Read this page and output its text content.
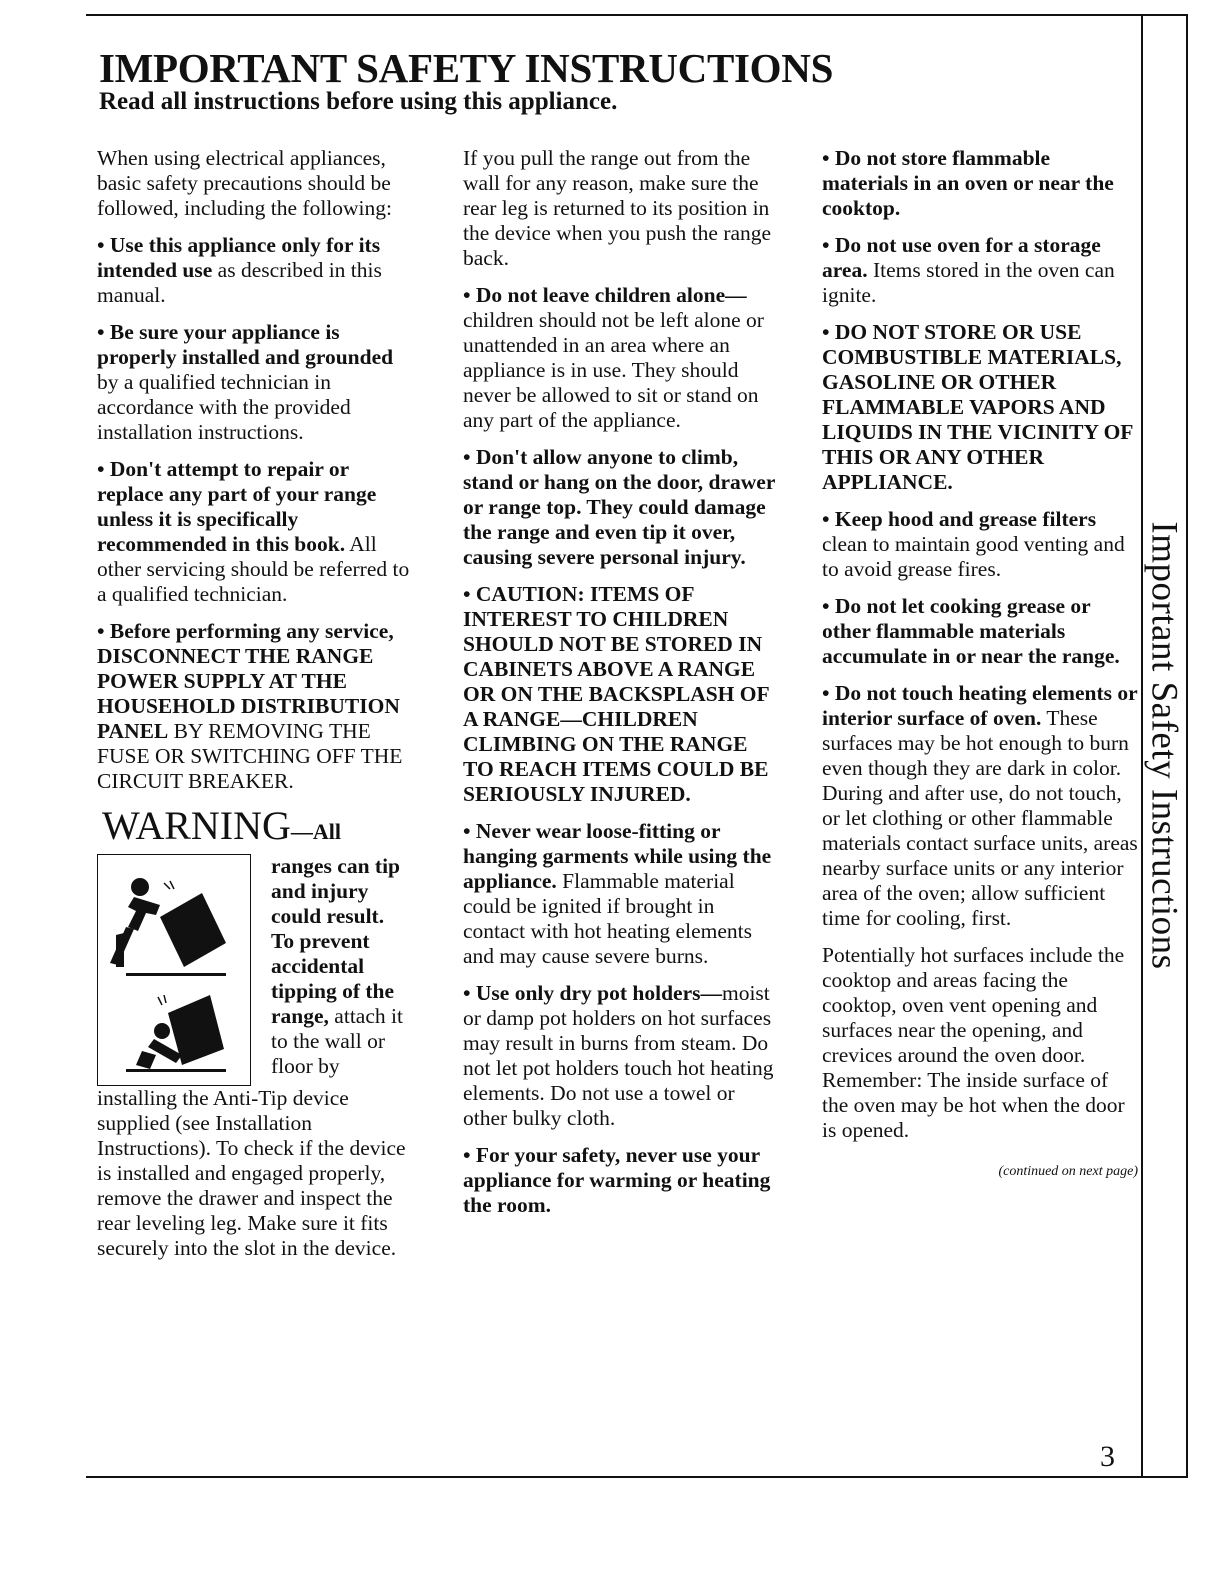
Important Safety Instructions
IMPORTANT SAFETY INSTRUCTIONS

Read all instructions before using this appliance.

When using electrical appliances, basic safety precautions should be followed, including the following:

• Use this appliance only for its intended use as described in this manual.

• Be sure your appliance is properly installed and grounded by a qualified technician in accordance with the provided installation instructions.

• Don't attempt to repair or replace any part of your range unless it is specifically recommended in this book. All other servicing should be referred to a qualified technician.

• Before performing any service, DISCONNECT THE RANGE POWER SUPPLY AT THE HOUSEHOLD DISTRIBUTION PANEL BY REMOVING THE FUSE OR SWITCHING OFF THE CIRCUIT BREAKER.

WARNING—All
ranges can tip and injury could result. To prevent accidental tipping of the range, attach it to the wall or floor by

installing the Anti-Tip device supplied (see Installation Instructions). To check if the device is installed and engaged properly, remove the drawer and inspect the rear leveling leg. Make sure it fits securely into the slot in the device.

If you pull the range out from the wall for any reason, make sure the rear leg is returned to its position in the device when you push the range back.

• Do not leave children alone—children should not be left alone or unattended in an area where an appliance is in use. They should never be allowed to sit or stand on any part of the appliance.

• Don't allow anyone to climb, stand or hang on the door, drawer or range top. They could damage the range and even tip it over, causing severe personal injury.

• CAUTION: ITEMS OF INTEREST TO CHILDREN SHOULD NOT BE STORED IN CABINETS ABOVE A RANGE OR ON THE BACKSPLASH OF A RANGE—CHILDREN CLIMBING ON THE RANGE TO REACH ITEMS COULD BE SERIOUSLY INJURED.

• Never wear loose-fitting or hanging garments while using the appliance. Flammable material could be ignited if brought in contact with hot heating elements and may cause severe burns.

• Use only dry pot holders—moist or damp pot holders on hot surfaces may result in burns from steam. Do not let pot holders touch hot heating elements. Do not use a towel or other bulky cloth.

• For your safety, never use your appliance for warming or heating the room.

• Do not store flammable materials in an oven or near the cooktop.

• Do not use oven for a storage area. Items stored in the oven can ignite.

• DO NOT STORE OR USE COMBUSTIBLE MATERIALS, GASOLINE OR OTHER FLAMMABLE VAPORS AND LIQUIDS IN THE VICINITY OF THIS OR ANY OTHER APPLIANCE.

• Keep hood and grease filters clean to maintain good venting and to avoid grease fires.

• Do not let cooking grease or other flammable materials accumulate in or near the range.

• Do not touch heating elements or interior surface of oven. These surfaces may be hot enough to burn even though they are dark in color. During and after use, do not touch, or let clothing or other flammable materials contact surface units, areas nearby surface units or any interior area of the oven; allow sufficient time for cooling, first.

Potentially hot surfaces include the cooktop and areas facing the cooktop, oven vent opening and surfaces near the opening, and crevices around the oven door. Remember: The inside surface of the oven may be hot when the door is opened.

(continued on next page)
3
